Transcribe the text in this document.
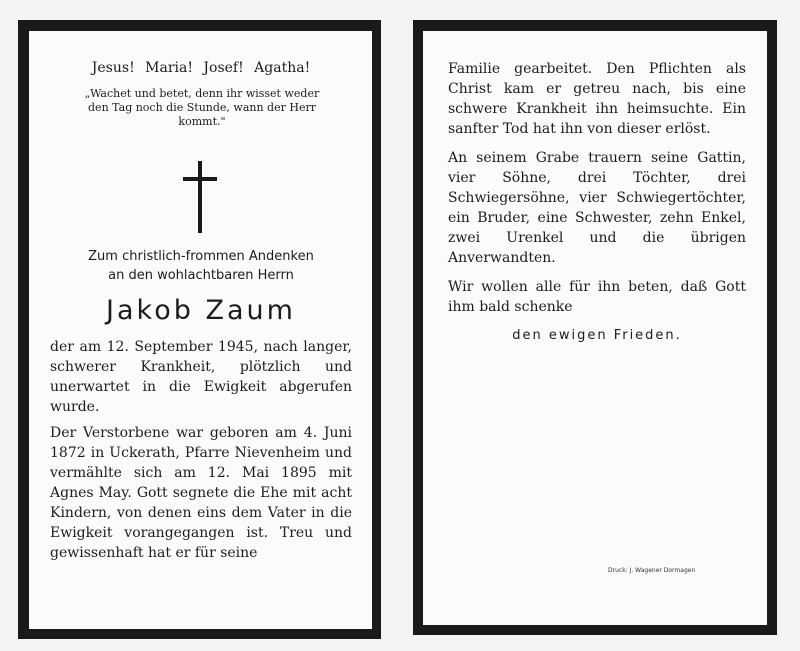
Jesus! Maria! Josef! Agatha!
„Wachet und betet, denn ihr wisset weder den Tag noch die Stunde, wann der Herr kommt."
Zum christlich-frommen Andenken
an den wohlachtbaren Herrn
Jakob Zaum

der am 12. September 1945, nach langer, schwerer Krankheit, plötzlich und unerwartet in die Ewigkeit abgerufen wurde.

Der Verstorbene war geboren am 4. Juni 1872 in Uckerath, Pfarre Nievenheim und vermählte sich am 12. Mai 1895 mit Agnes May. Gott segnete die Ehe mit acht Kindern, von denen eins dem Vater in die Ewigkeit vorangegangen ist. Treu und gewissenhaft hat er für seine

Familie gearbeitet. Den Pflichten als Christ kam er getreu nach, bis eine schwere Krankheit ihn heimsuchte. Ein sanfter Tod hat ihn von dieser erlöst.

An seinem Grabe trauern seine Gattin, vier Söhne, drei Töchter, drei Schwiegersöhne, vier Schwiegertöchter, ein Bruder, eine Schwester, zehn Enkel, zwei Urenkel und die übrigen Anverwandten.

Wir wollen alle für ihn beten, daß Gott ihm bald schenke

den ewigen Frieden.
Druck: J. Wagener Dormagen
